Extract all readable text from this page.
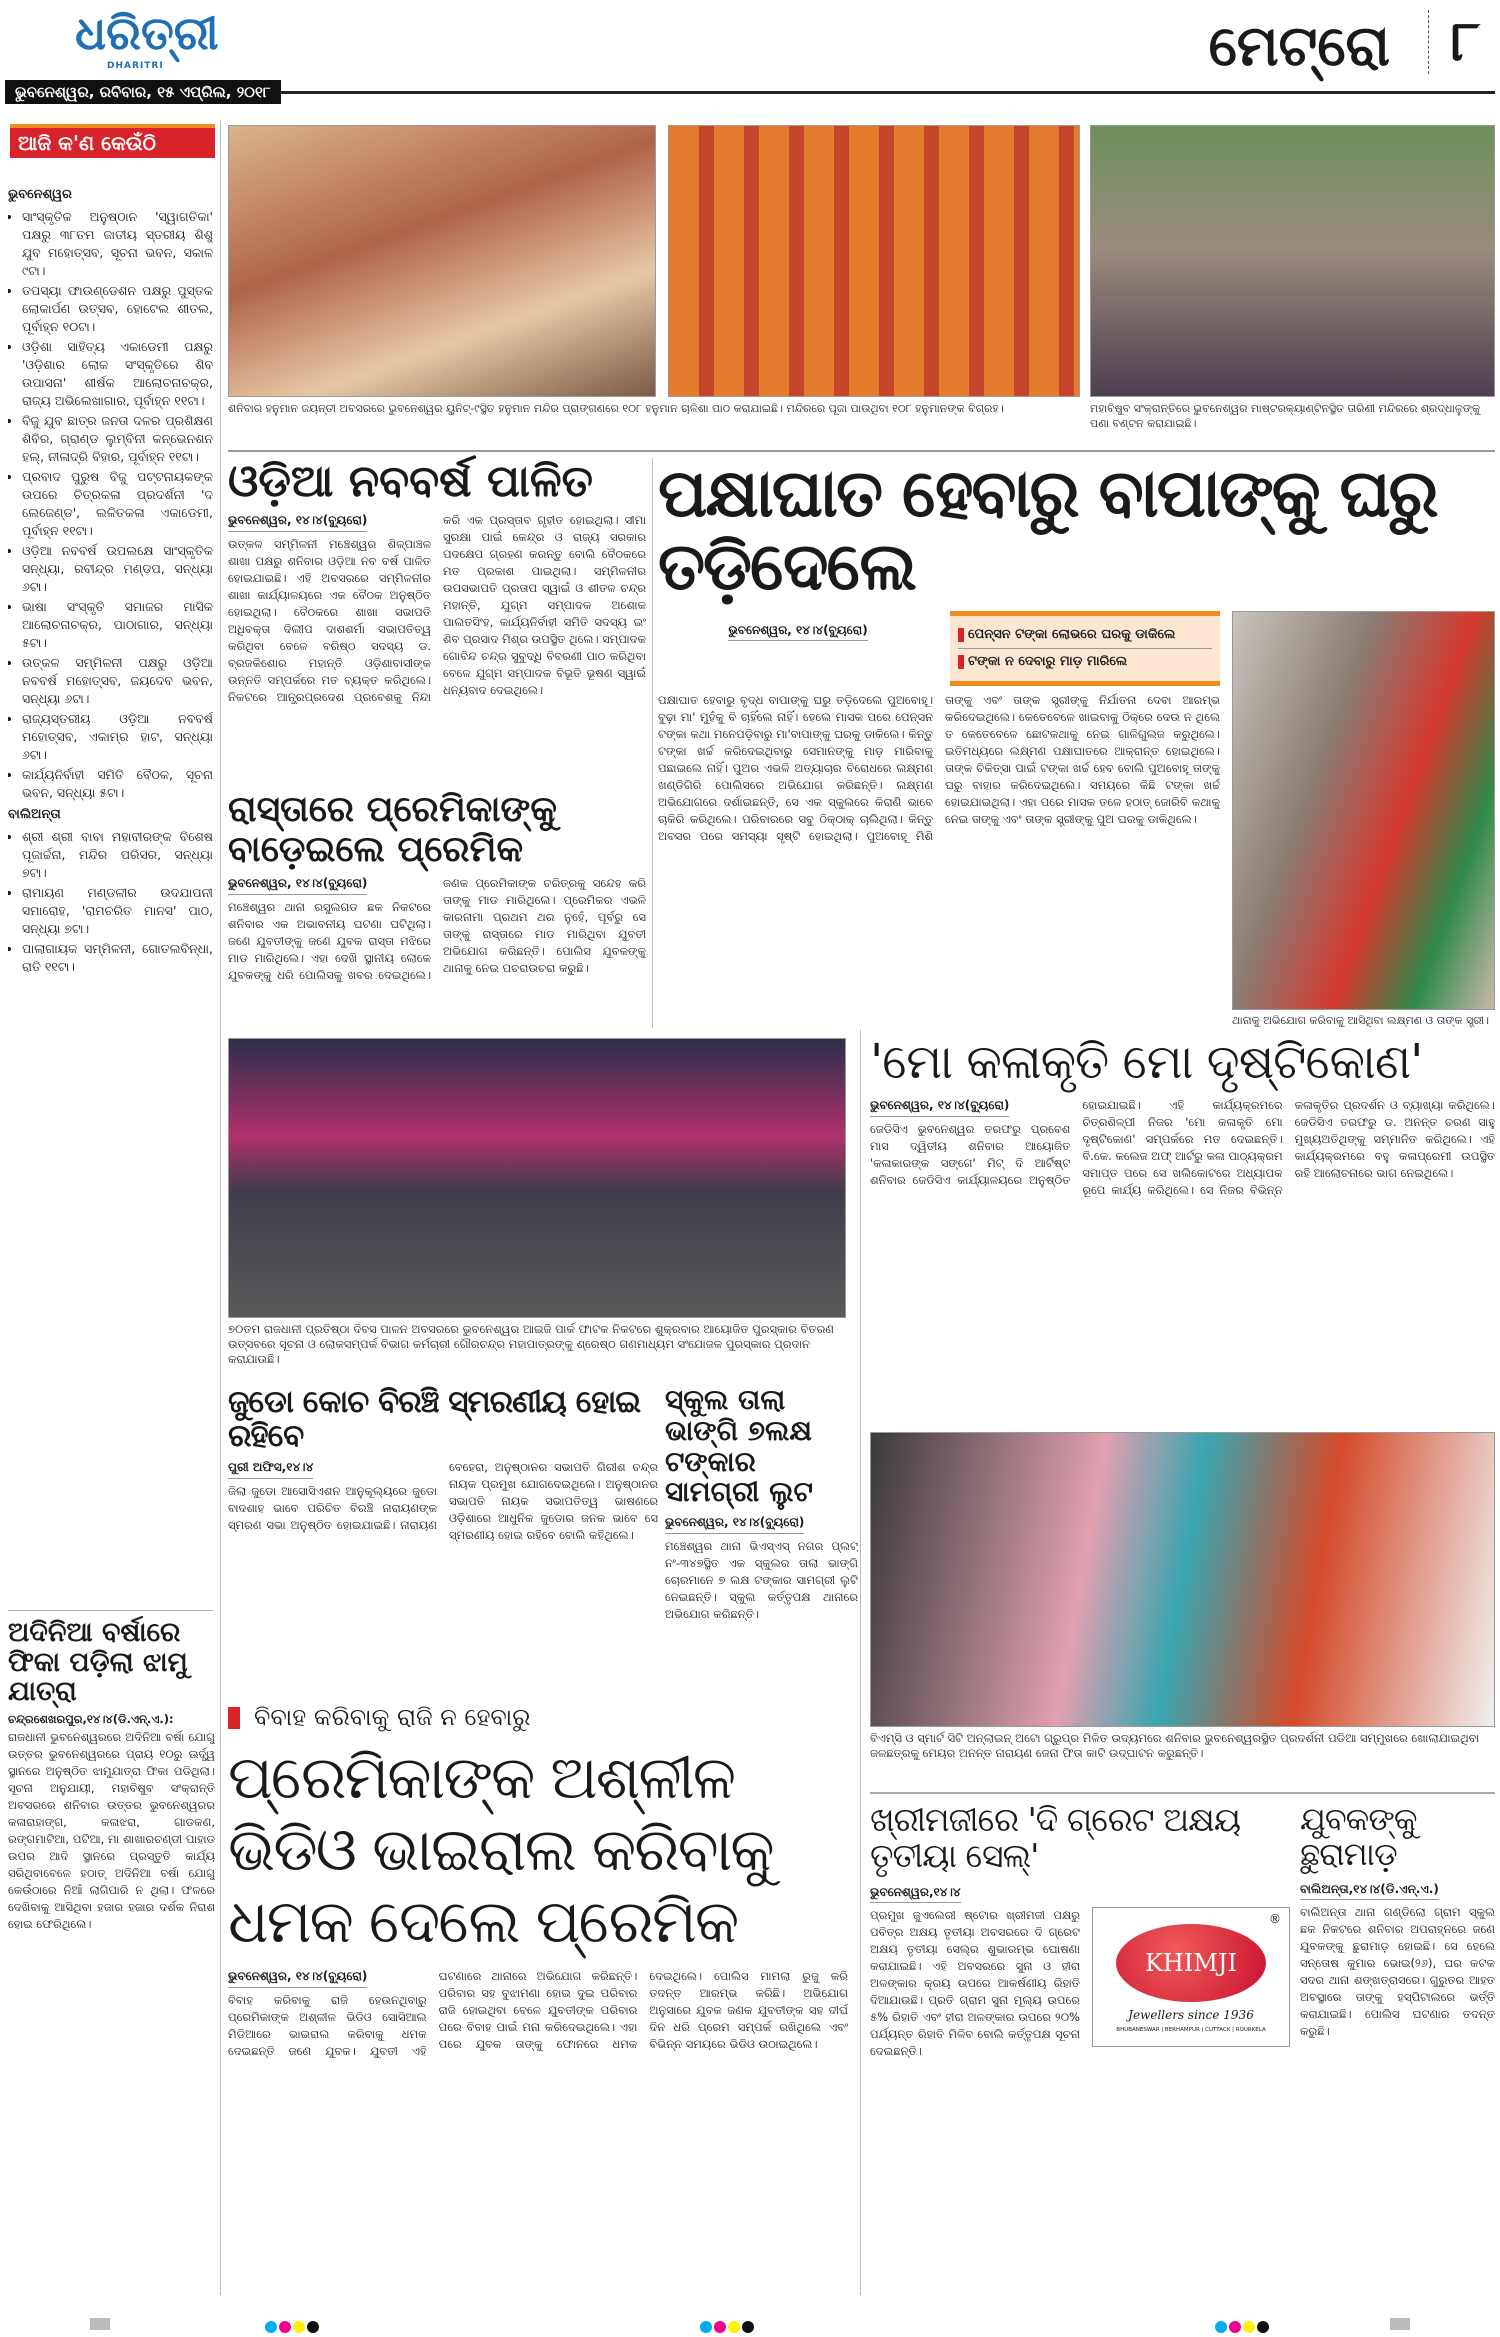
ଧରିତ୍ରୀ
DHARITRI
ଭୁବନେଶ୍ୱର, ରବିବାର, ୧୫ ଏପ୍ରିଲ, ୨୦୧୮
ମେଟ୍ରୋ	୮
ଆଜି କ'ଣ କେଉଁଠି
ଭୁବନେଶ୍ୱର
• ସାଂସ୍କୃତିକ ଅନୁଷ୍ଠାନ 'ସ୍ୱାଗତିକା' ପକ୍ଷରୁ ୩୮ତମ ଜାତୀୟ ସ୍ତରୀୟ ଶିଶୁ ଯୁବ ମହୋତ୍ସବ, ସୂଚନା ଭବନ, ସକାଳ ୯ଟା।
• ତପସ୍ୟା ଫାଉଣ୍ଡେଶନ ପକ୍ଷରୁ ପୁସ୍ତକ ଲୋକାର୍ପଣ ଉତ୍ସବ, ହୋଟେଲ ଶୀତଲ, ପୂର୍ବାହ୍ନ ୧୦ଟା।
• ଓଡ଼ିଶା ସାହିତ୍ୟ ଏକାଡେମୀ ପକ୍ଷରୁ 'ଓଡ଼ିଶାର ଲୋକ ସଂସ୍କୃତିରେ ଶିବ ଉପାସନା' ଶୀର୍ଷକ ଆଲୋଚନାଚକ୍ର, ରାଜ୍ୟ ଅଭିଲେଖାଗାର, ପୂର୍ବାହ୍ନ ୧୧ଟା।
• ବିଜୁ ଯୁବ ଛାତ୍ର ଜନତା ଦଳର ପ୍ରଶିକ୍ଷଣ ଶିବିର, ଗ୍ରାଣ୍ଡ ଲୁମ୍ବିନୀ କନ୍‌ଭେନଶନ ହଲ୍, ନୀଳାଦ୍ରି ବିହାର, ପୂର୍ବାହ୍ନ ୧୧ଟା।
• ପ୍ରବାଦ ପୁରୁଷ ବିଜୁ ପଟ୍ଟନାୟକଙ୍କ ଉପରେ ଚିତ୍ରକଳା ପ୍ରଦର୍ଶନୀ 'ଦ ଲେଜେଣ୍ଡ', ଲଳିତକଳା ଏକାଡେମୀ, ପୂର୍ବାହ୍ନ ୧୧ଟା।
• ଓଡ଼ିଆ ନବବର୍ଷ ଉପଲକ୍ଷେ ସାଂସ୍କୃତିକ ସନ୍ଧ୍ୟା, ରବୀନ୍ଦ୍ର ମଣ୍ଡପ, ସନ୍ଧ୍ୟା ୬ଟା।
• ଭାଷା ସଂସ୍କୃତି ସମାଜର ମାସିକ ଆଲୋଚନାଚକ୍ର, ପାଠାଗାର, ସନ୍ଧ୍ୟା ୫ଟା।
• ଉତ୍କଳ ସମ୍ମିଳନୀ ପକ୍ଷରୁ ଓଡ଼ିଆ ନବବର୍ଷ ମହୋତ୍ସବ, ଜୟଦେବ ଭବନ, ସନ୍ଧ୍ୟା ୬ଟା।
• ରାଜ୍ୟସ୍ତରୀୟ ଓଡ଼ିଆ ନବବର୍ଷ ମହୋତ୍ସବ, ଏକାମ୍ର ହାଟ, ସନ୍ଧ୍ୟା ୬ଟା।
• କାର୍ଯ୍ୟନିର୍ବାହୀ ସମିତି ବୈଠକ, ସୂଚନା ଭବନ, ସନ୍ଧ୍ୟା ୫ଟା।
ବାଲିଅନ୍ତା
• ଶ୍ରୀ ଶ୍ରୀ ବାବା ମହାବୀରଙ୍କ ବିଶେଷ ପୂଜାର୍ଚ୍ଚନା, ମନ୍ଦିର ପରିସର, ସନ୍ଧ୍ୟା ୭ଟା।
• ରାମାୟଣ ମଣ୍ଡଳୀର ଉଦଯାପନୀ ସମାରୋହ, 'ରାମଚରିତ ମାନସ' ପାଠ, ସନ୍ଧ୍ୟା ୭ଟା।
• ପାଲାଗାୟକ ସମ୍ମିଳନୀ, ଗୋତଲବିନ୍ଧା, ରାତି ୧୧ଟା।
ଅଦିନିଆ ବର୍ଷାରେ ଫିକା ପଡ଼ିଲା ଝାମୁ ଯାତ୍ରା
ଚନ୍ଦ୍ରଶେଖରପୁର,୧୪।୪(ଡି.ଏନ୍.ଏ.):
ରାଜଧାନୀ ଭୁବନେଶ୍ୱରରେ ଅଦିନିଆ ବର୍ଷା ଯୋଗୁ ଉତ୍ତର ଭୁବନେଶ୍ୱରରେ ପ୍ରାୟ ୧୦ରୁ ଊର୍ଦ୍ଧ୍ୱ ସ୍ଥାନରେ ଅନୁଷ୍ଠିତ ଝାମୁଯାତ୍ରା ଫିକା ପଡିଥିଲା। ସୂଚନା ଅନୁଯାୟୀ, ମହାବିଷୁବ ସଂକ୍ରାନ୍ତି ଅବସରରେ ଶନିବାର ଉତ୍ତର ଭୁବନେଶ୍ୱରର କଳାରାହାଙ୍ଗ, କଳାଝରା, ଗାଡକଣ, ରଙ୍ଗମାଟିଆ, ପଟିଆ, ମା ଶାଖାରଚଣ୍ଡୀ ପାହାଡ ଉପର ଆଦି ସ୍ଥାନରେ ପ୍ରସ୍ତୁତି କାର୍ଯ୍ୟ ସରିଥିବାବେଳେ ହଠାତ୍ ଅଦିନିଆ ବର୍ଷା ଯୋଗୁ କେଉଁଠାରେ ନିଆଁ ଲାଗିପାରି ନ ଥିଲା। ଫଳରେ ଦେଖିବାକୁ ଆସିଥିବା ହଜାର ହଜାର ଦର୍ଶକ ନିରାଶ ହୋଇ ଫେରିଥିଲେ।
ଶନିବାର ହନୁମାନ ଜୟନ୍ତୀ ଅବସରରେ ଭୁବନେଶ୍ୱର ୟୁନିଟ୍-୯ସ୍ଥିତ ହନୁମାନ ମନ୍ଦିର ପ୍ରାଙ୍ଗଣରେ ୧୦୮ ହନୁମାନ ଚାଳିଶା ପାଠ କରାଯାଇଛି। ମନ୍ଦିରରେ ପୂଜା ପାଉଥିବା ୧୦୮ ହନୁମାନଙ୍କ ବିଗ୍ରହ।	ମହାବିଷୁବ ସଂକ୍ରାନ୍ତିରେ ଭୁବନେଶ୍ୱର ମାଷ୍ଟରକ୍ୟାଣ୍ଟିନସ୍ଥିତ ତାରିଣୀ ମନ୍ଦିରରେ ଶ୍ରଦ୍ଧାଳୁଙ୍କୁ ପଣା ବଣ୍ଟନ କରାଯାଇଛି।
ଓଡ଼ିଆ ନବବର୍ଷ ପାଳିତ
ଭୁବନେଶ୍ୱର, ୧୪।୪(ବ୍ୟୁରୋ)
ଉତ୍କଳ ସମ୍ମିଳନୀ ମଞ୍ଚେଶ୍ୱର ଶିଳ୍ପାଞ୍ଚଳ ଶାଖା ପକ୍ଷରୁ ଶନିବାର ଓଡ଼ିଆ ନବ ବର୍ଷ ପାଳିତ ହୋଇଯାଇଛି। ଏହି ଅବସରରେ ସମ୍ମିଳନୀର ଶାଖା କାର୍ଯ୍ୟାଳୟରେ ଏକ ବୈଠକ ଅନୁଷ୍ଠିତ ହୋଇଥିଲା। ବୈଠକରେ ଶାଖା ସଭାପତି ଅଧିବକ୍ତା ଦିଲୀପ ଦାଶଶର୍ମା ସଭାପତିତ୍ୱ କରିଥିବା ବେଳେ ବରିଷ୍ଠ ସଦସ୍ୟ ଡ. ବ୍ରଜକିଶୋର ମହାନ୍ତି ଓଡ଼ିଶାବାସୀଙ୍କ ଉନ୍ନତି ସମ୍ପର୍କରେ ମତ ବ୍ୟକ୍ତ କରିଥିଲେ। ନିକଟରେ ଆନ୍ଧ୍ରପ୍ରଦେଶ ପ୍ରବେଶକୁ ନିନ୍ଦା କରି ଏକ ପ୍ରସ୍ତାବ ଗୃହୀତ ହୋଇଥିଲା। ସୀମା ସୁରକ୍ଷା ପାଇଁ କେନ୍ଦ୍ର ଓ ରାଜ୍ୟ ସରକାର ପଦକ୍ଷେପ ଗ୍ରହଣ କରନ୍ତୁ ବୋଲି ବୈଠକରେ ମତ ପ୍ରକାଶ ପାଇଥିଲା। ସମ୍ମିଳନୀର ଉପସଭାପତି ପ୍ରତାପ ସ୍ୱାଇଁ ଓ ଶୀତଳ ଚନ୍ଦ୍ର ମହାନ୍ତି, ଯୁଗ୍ମ ସମ୍ପାଦକ ଅଶୋକ ପାଲତସିଂହ, କାର୍ଯ୍ୟନିର୍ବାହୀ ସମିତି ସଦସ୍ୟ ଇଂ ଶିବ ପ୍ରସାଦ ମିଶ୍ର ଉପସ୍ଥିତ ଥିଲେ। ସମ୍ପାଦକ ଗୋବିନ୍ଦ ଚନ୍ଦ୍ର ସୁବୁଦ୍ଧି ବିବରଣୀ ପାଠ କରିଥିବା ବେଳେ ଯୁଗ୍ମ ସମ୍ପାଦକ ବିଭୂତି ଭୂଷଣ ସ୍ୱାଇଁ ଧନ୍ୟବାଦ ଦେଇଥିଲେ।
ରାସ୍ତାରେ ପ୍ରେମିକାଙ୍କୁ ବାଡ଼େଇଲେ ପ୍ରେମିକ
ଭୁବନେଶ୍ୱର, ୧୪।୪(ବ୍ୟୁରୋ)
ମଞ୍ଚେଶ୍ୱର ଥାନା ରସୁଲଗଡ ଛକ ନିକଟରେ ଶନିବାର ଏକ ଅଭାବନୀୟ ଘଟଣା ଘଟିଥିଲା। ଜଣେ ଯୁବତୀଙ୍କୁ ଜଣେ ଯୁବକ ରାସ୍ତା ମଝିରେ ମାଡ ମାରିଥିଲେ। ଏହା ଦେଖି ସ୍ଥାନୀୟ ଲୋକେ ଯୁବକଙ୍କୁ ଧରି ପୋଲିସକୁ ଖବର ଦେଇଥିଲେ। ଜଣକ ପ୍ରେମିକାଙ୍କ ଚରିତ୍ରକୁ ସନ୍ଦେହ କରି ତାଙ୍କୁ ମାଡ ମାରିଥିଲେ। ପ୍ରେମିକର ଏଭଳି କାରନାମା ପ୍ରଥମ ଥର ନୁହେଁ, ପୂର୍ବରୁ ସେ ତାଙ୍କୁ ରାସ୍ତାରେ ମାଡ ମାରିଥିବା ଯୁବତୀ ଅଭିଯୋଗ କରିଛନ୍ତି। ପୋଲିସ ଯୁବକଙ୍କୁ ଥାନାକୁ ନେଇ ପଚରାଉଚରା କରୁଛି।
ପକ୍ଷାଘାତ ହେବାରୁ ବାପାଙ୍କୁ ଘରୁ ତଡ଼ିଦେଲେ
ଭୁବନେଶ୍ୱର, ୧୪।୪(ବ୍ୟୁରୋ)	ପେନ୍‌ସନ ଟଙ୍କା ଲୋଭରେ ଘରକୁ ଡାକିଲେ
ଟଙ୍କା ନ ଦେବାରୁ ମାଡ଼ ମାରିଲେ
ପକ୍ଷାଘାତ ହେବାରୁ ବୃଦ୍ଧ ବାପାଙ୍କୁ ଘରୁ ତଡ଼ିଦେଲେ ପୁଅବୋହୂ। ବୁଢ଼ା ମା' ମୁହଁକୁ ବି ଚାହିଁଲେ ନାହିଁ। ହେଲେ ମାସକ ପରେ ପେନ୍‌ସନ ଟଙ୍କା କଥା ମନେପଡ଼ିବାରୁ ମା'ବାପାଙ୍କୁ ଘରକୁ ଡାକିଲେ। କିନ୍ତୁ ଟଙ୍କା ଖର୍ଚ୍ଚ କରିଦେଇଥିବାରୁ ସେମାନଙ୍କୁ ମାଡ଼ ମାରିବାକୁ ପଛାଇଲେ ନାହିଁ। ପୁଅର ଏଭଳି ଅତ୍ୟାଚାର ବିରୋଧରେ ଲକ୍ଷ୍ମଣ ଖଣ୍ଡିଗିରି ପୋଲିସରେ ଅଭିଯୋଗ କରିଛନ୍ତି। ଲକ୍ଷ୍ମଣ ଅଭିଯୋଗରେ ଦର୍ଶାଇଛନ୍ତି, ସେ ଏକ ସ୍କୁଲରେ କିରାଣି ଭାବେ ଚାକିରି କରିଥିଲେ। ପରିବାରରେ ସବୁ ଠିକ୍‌ଠାକ୍ ଚାଲିଥିଲା। କିନ୍ତୁ ଅବସର ପରେ ସମସ୍ୟା ସୃଷ୍ଟି ହୋଇଥିଲା। ପୁଅବୋହୂ ମିଶି ତାଙ୍କୁ ଏବଂ ତାଙ୍କ ସ୍ତ୍ରୀଙ୍କୁ ନିର୍ଯାତନା ଦେବା ଆରମ୍ଭ କରିଦେଇଥିଲେ। କେତେବେଳେ ଖାଇବାକୁ ଠିକ୍‌ରେ ଦେଉ ନ ଥିଲେ ତ କେତେବେଳେ ଛୋଟକଥାକୁ ନେଇ ଗାଳିଗୁଲଜ କରୁଥିଲେ। ଇତିମଧ୍ୟରେ ଲକ୍ଷ୍ମଣ ପକ୍ଷାଘାତରେ ଆକ୍ରାନ୍ତ ହୋଇଥିଲେ। ତାଙ୍କ ଚିକିତ୍ସା ପାଇଁ ଟଙ୍କା ଖର୍ଚ୍ଚ ହେବ ବୋଲି ପୁଅବୋହୂ ତାଙ୍କୁ ଘରୁ ବାହାର କରିଦେଇଥିଲେ। ସମୟରେ କିଛି ଟଙ୍କା ଖର୍ଚ୍ଚ ହୋଇଯାଇଥିଲା। ଏହା ପରେ ମାସକ ତଳେ ହଠାତ୍ ଜୋରିବି କଥାକୁ ନେଇ ତାଙ୍କୁ ଏବଂ ତାଙ୍କ ସ୍ତ୍ରୀଙ୍କୁ ପୁଅ ଘରକୁ ଡାକିଥିଲେ।
ଥାନାକୁ ଅଭିଯୋଗ କରିବାକୁ ଆସିଥିବା ଲକ୍ଷ୍ମଣ ଓ ତାଙ୍କ ସ୍ତ୍ରୀ।
୭୦ତମ ରାଜଧାନୀ ପ୍ରତିଷ୍ଠା ଦିବସ ପାଳନ ଅବସରରେ ଭୁବନେଶ୍ୱର ଆଇଜି ପାର୍କ ଫାଟକ ନିକଟରେ ଶୁକ୍ରବାର ଆୟୋଜିତ ପୁରସ୍କାର ବିତରଣ ଉତ୍ସବରେ ସୂଚନା ଓ ଲୋକସମ୍ପର୍କ ବିଭାଗ କର୍ମଚାରୀ ଗୌରଚନ୍ଦ୍ର ମହାପାତ୍ରଙ୍କୁ ଶ୍ରେଷ୍ଠ ଗଣମାଧ୍ୟମ ସଂଯୋଜକ ପୁରସ୍କାର ପ୍ରଦାନ କରାଯାଉଛି।
'ମୋ କଳାକୃତି ମୋ ଦୃଷ୍ଟିକୋଣ'
ଭୁବନେଶ୍ୱର, ୧୪।୪(ବ୍ୟୁରୋ)
ଜେଡିସିଏ ଭୁବନେଶ୍ୱର ତରଫରୁ ପ୍ରବେଶ ମାସ ଦ୍ୱିତୀୟ ଶନିବାର ଆୟୋଜିତ 'କଳାକାରଙ୍କ ସଙ୍ଗେ' ମିଟ୍ ଦି ଆର୍ଟିଷ୍ଟ ଶନିବାର ଜେଡିସିଏ କାର୍ଯ୍ୟାଳୟରେ ଅନୁଷ୍ଠିତ ହୋଇଯାଇଛି। ଏହି କାର୍ଯ୍ୟକ୍ରମରେ ଚିତ୍ରଶିଳ୍ପୀ ନିଜର 'ମୋ କଳାକୃତି ମୋ ଦୃଷ୍ଟିକୋଣ' ସମ୍ପର୍କରେ ମତ ଦେଇଛନ୍ତି। ବି.କେ. କଲେଜ ଅଫ୍ ଆର୍ଟରୁ କଳା ପାଠ୍ୟକ୍ରମ ସମାପ୍ତ ପରେ ସେ ଖଲିକୋଟରେ ଅଧ୍ୟାପକ ରୂପେ କାର୍ଯ୍ୟ କରିଥିଲେ। ସେ ନିଜର ବିଭିନ୍ନ କଳାକୃତିର ପ୍ରଦର୍ଶନ ଓ ବ୍ୟାଖ୍ୟା କରିଥିଲେ। ଜେଡିସିଏ ତରଫରୁ ଡ. ଅନନ୍ତ ଚରଣ ସାହୁ ମୁଖ୍ୟଅତିଥିଙ୍କୁ ସମ୍ମାନିତ କରିଥିଲେ। ଏହି କାର୍ଯ୍ୟକ୍ରମରେ ବହୁ କଳାପ୍ରେମୀ ଉପସ୍ଥିତ ରହି ଆଲୋଚନାରେ ଭାଗ ନେଇଥିଲେ।
ଜୁଡୋ କୋଚ ବିରଞ୍ଚି ସ୍ମରଣୀୟ ହୋଇ ରହିବେ
ପୁରୀ ଅଫିସ,୧୪।୪
ଜିଲା ଜୁଡୋ ଆସୋସିଏଶନ ଆନୁକୂଲ୍ୟରେ ଜୁଡୋ ବାଦଶାହ ଭାବେ ପରିଚିତ ବିରଞ୍ଚି ନାରାୟଣଙ୍କ ସ୍ମରଣ ସଭା ଅନୁଷ୍ଠିତ ହୋଇଯାଇଛି। ନାରାୟଣ ବେହେରା, ଅନୁଷ୍ଠାନର ସଭାପତି ଗିରୀଶ ଚନ୍ଦ୍ର ନାୟକ ପ୍ରମୁଖ ଯୋଗଦେଇଥିଲେ। ଅନୁଷ୍ଠାନର ସଭାପତି ନାୟକ ସଭାପତିତ୍ୱ ଭାଷଣରେ ଓଡ଼ିଶାରେ ଆଧୁନିକ ଜୁଡୋର ଜନକ ଭାବେ ସେ ସ୍ମରଣୀୟ ହୋଇ ରହିବେ ବୋଲି କହିଥିଲେ।
ସ୍କୁଲ ତାଲା ଭାଙ୍ଗି ୭ଲକ୍ଷ ଟଙ୍କାର ସାମଗ୍ରୀ ଲୁଟ
ଭୁବନେଶ୍ୱର, ୧୪।୪(ବ୍ୟୁରୋ)
ମଞ୍ଚେଶ୍ୱର ଥାନା ଭିଏସ୍‌ଏସ୍ ନଗର ପ୍ଲଟ୍ ନଂ-୩୪୭ସ୍ଥିତ ଏକ ସ୍କୁଲର ତାଲା ଭାଙ୍ଗି ଚୋରମାନେ ୭ ଲକ୍ଷ ଟଙ୍କାର ସାମଗ୍ରୀ ଲୁଟି ନେଇଛନ୍ତି। ସ୍କୁଲ କର୍ତ୍ତୃପକ୍ଷ ଥାନାରେ ଅଭିଯୋଗ କରିଛନ୍ତି।
ବିଏମ୍‌ସି ଓ ସ୍ମାର୍ଟ ସିଟି ଅନ୍‌ଲାଇନ୍ ଅଟୋ ଗ୍ରୁପ୍‌ର ମିଳିତ ଉଦ୍ୟମରେ ଶନିବାର ଭୁବନେଶ୍ୱରସ୍ଥିତ ପ୍ରଦର୍ଶନୀ ପଡିଆ ସମ୍ମୁଖରେ ଖୋଲାଯାଇଥିବା ଜଳଛତ୍ରକୁ ମେୟର ଅନନ୍ତ ନାରାୟଣ ଜେନା ଫିତା କାଟି ଉଦ୍‌ଘାଟନ କରୁଛନ୍ତି।
ବିବାହ କରିବାକୁ ରାଜି ନ ହେବାରୁ
ପ୍ରେମିକାଙ୍କ ଅଶ୍ଳୀଳ ଭିଡିଓ ଭାଇରାଲ କରିବାକୁ ଧମକ ଦେଲେ ପ୍ରେମିକ
ଭୁବନେଶ୍ୱର, ୧୪।୪(ବ୍ୟୁରୋ)
ବିବାହ କରିବାକୁ ରାଜି ହେଉନଥିବାରୁ ପ୍ରେମିକାଙ୍କ ଅଶ୍ଳୀଳ ଭିଡିଓ ସୋସିଆଲ ମିଡିଆରେ ଭାଇରାଲ କରିବାକୁ ଧମକ ଦେଇଛନ୍ତି ଜଣେ ଯୁବକ। ଯୁବତୀ ଏହି ଘଟଣାରେ ଥାନାରେ ଅଭିଯୋଗ କରିଛନ୍ତି। ପରିବାର ସହ ବୁଝାମଣା ହୋଇ ଦୁଇ ପରିବାର ରାଜି ହୋଇଥିବା ବେଳେ ଯୁବତୀଙ୍କ ପରିବାର ପରେ ବିବାହ ପାଇଁ ମନା କରିଦେଇଥିଲେ। ଏହା ପରେ ଯୁବକ ତାଙ୍କୁ ଫୋନରେ ଧମକ ଦେଇଥିଲେ। ପୋଲିସ ମାମଲା ରୁଜୁ କରି ତଦନ୍ତ ଆରମ୍ଭ କରିଛି। ଅଭିଯୋଗ ଅନୁସାରେ ଯୁବକ ଜଣକ ଯୁବତୀଙ୍କ ସହ ଦୀର୍ଘ ଦିନ ଧରି ପ୍ରେମ ସମ୍ପର୍କ ରଖିଥିଲେ ଏବଂ ବିଭିନ୍ନ ସମୟରେ ଭିଡିଓ ଉଠାଇଥିଲେ।
ଖ୍ରୀମଜୀରେ 'ଦି ଗ୍ରେଟ ଅକ୍ଷୟ ତୃତୀୟା ସେଲ୍'
ଭୁବନେଶ୍ୱର,୧୪।୪
ପ୍ରମୁଖ ଜୁଏଲେରୀ ଷ୍ଟୋର ଖ୍ରୀମଜୀ ପକ୍ଷରୁ ପବିତ୍ର ଅକ୍ଷୟ ତୃତୀୟା ଅବସରରେ ଦି ଗ୍ରେଟ ଅକ୍ଷୟ ତୃତୀୟା ସେଲ୍‌ର ଶୁଭାରମ୍ଭ ଘୋଷଣା କରାଯାଇଛି। ଏହି ଅବସରରେ ସୁନା ଓ ହୀରା ଅଳଙ୍କାର କ୍ରୟ ଉପରେ ଆକର୍ଷଣୀୟ ରିହାତି ଦିଆଯାଉଛି। ପ୍ରତି ଗ୍ରାମ ସୁନା ମୂଲ୍ୟ ଉପରେ ୫% ରିହାତି ଏବଂ ହୀରା ଅଳଙ୍କାର ଉପରେ ୨୦% ପର୍ଯ୍ୟନ୍ତ ରିହାତି ମିଳିବ ବୋଲି କର୍ତ୍ତୃପକ୍ଷ ସୂଚନା ଦେଇଛନ୍ତି।
®
KHIMJI
Jewellers since 1936
BHUBANESWAR | BERHAMPUR | CUTTACK | ROURKELA
ଯୁବକଙ୍କୁ ଛୁରାମାଡ଼
ବାଲିଅନ୍ତା,୧୪।୪(ଡି.ଏନ୍.ଏ.)
ବାଲିଅନ୍ତା ଥାନା ଗଣ୍ଡିଲୋ ଗ୍ରାମ ସ୍କୁଲ ଛକ ନିକଟରେ ଶନିବାର ଅପରାହ୍ନରେ ଜଣେ ଯୁବକଙ୍କୁ ଛୁରାମାଡ଼ ହୋଇଛି। ସେ ହେଲେ ସନ୍ତୋଷ କୁମାର ଭୋଇ(୨୬), ଘର କଟକ ସଦର ଥାନା ଶଙ୍ଖତ୍ରାସରେ। ଗୁରୁତର ଆହତ ଅବସ୍ଥାରେ ତାଙ୍କୁ ହସ୍ପିଟାଲରେ ଭର୍ତ୍ତି କରାଯାଇଛି। ପୋଲିସ ଘଟଣାର ତଦନ୍ତ କରୁଛି।
